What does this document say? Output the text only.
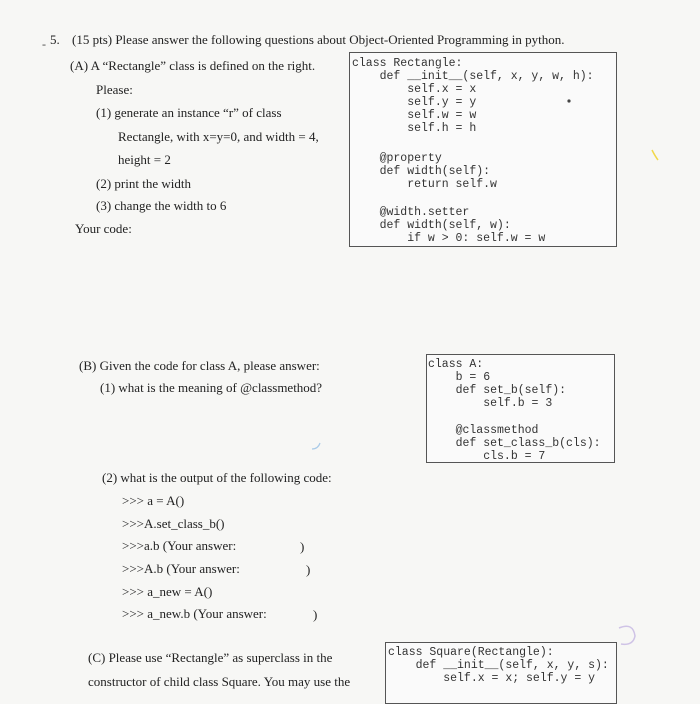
- 5. (15 pts) Please answer the following questions about Object-Oriented Programming in python.
(A) A “Rectangle” class is defined on the right.
Please:
(1) generate an instance “r” of class
Rectangle, with x=y=0, and width = 4,
height = 2
(2) print the width
(3) change the width to 6
Your code:
class Rectangle:
def __init__(self, x, y, w, h):
self.x = x
self.y = y
self.w = w
self.h = h
@property
def width(self):
return self.w
@width.setter
def width(self, w):
if w > 0: self.w = w
(B) Given the code for class A, please answer:
(1) what is the meaning of @classmethod?
class A:
b = 6
def set_b(self):
self.b = 3
@classmethod
def set_class_b(cls):
cls.b = 7
(2) what is the output of the following code:
>>> a = A()
>>>A.set_class_b()
>>>a.b (Your answer:
>>>A.b (Your answer:
>>> a_new = A()
>>> a_new.b (Your answer:
)
)
)
(C) Please use “Rectangle” as superclass in the
constructor of child class Square. You may use the
class Square(Rectangle):
def __init__(self, x, y, s):
self.x = x; self.y = y
